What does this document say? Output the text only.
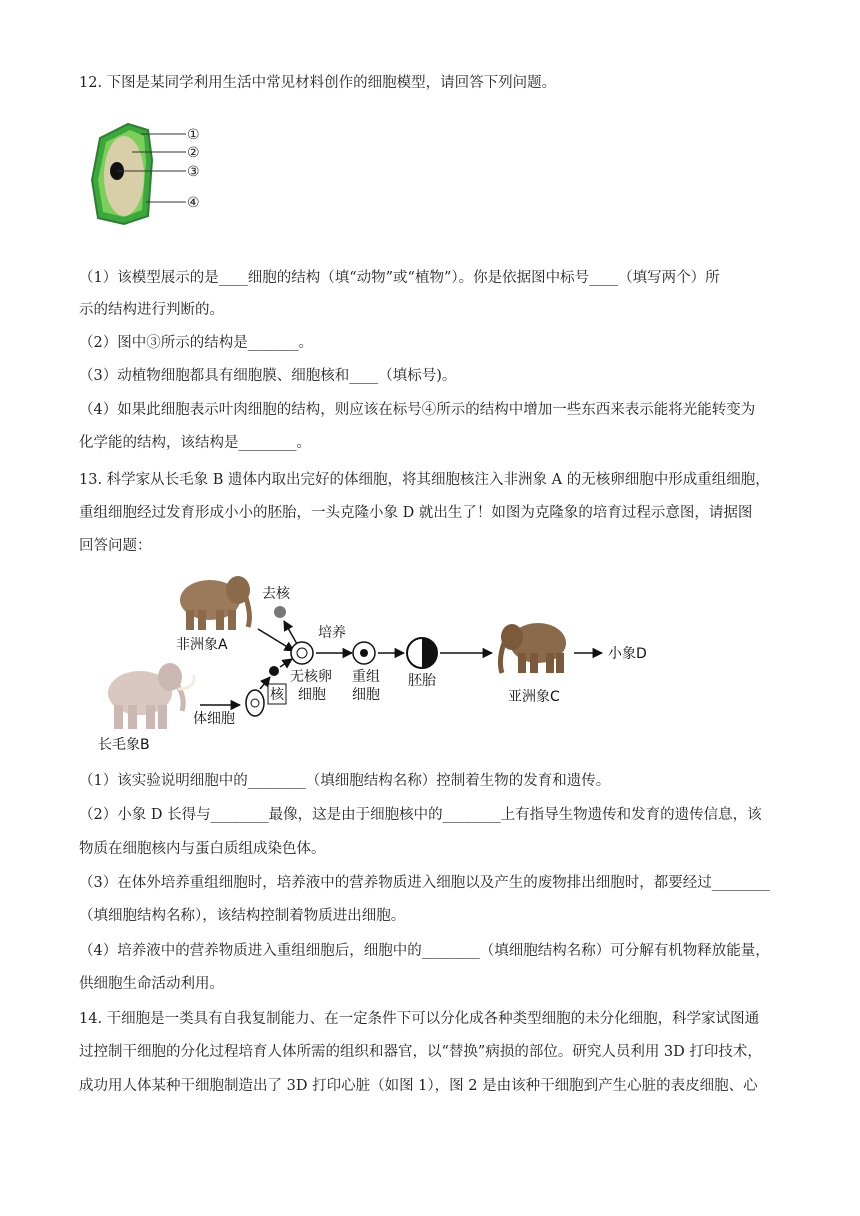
12. 下图是某同学利用生活中常见材料创作的细胞模型，请回答下列问题。
①
②
③
④
（1）该模型展示的是____细胞的结构（填“动物”或“植物”）。你是依据图中标号____（填写两个）所
示的结构进行判断的。
（2）图中③所示的结构是_______。
（3）动植物细胞都具有细胞膜、细胞核和____（填标号)。
（4）如果此细胞表示叶肉细胞的结构，则应该在标号④所示的结构中增加一些东西来表示能将光能转变为
化学能的结构，该结构是________。
13. 科学家从长毛象 B 遗体内取出完好的体细胞，将其细胞核注入非洲象 A 的无核卵细胞中形成重组细胞，
重组细胞经过发育形成小小的胚胎，一头克隆小象 D 就出生了！如图为克隆象的培育过程示意图，请据图
回答问题：
非洲象A
去核
无核卵
细胞
培养
重组
细胞
胚胎
亚洲象C
小象D
长毛象B
体细胞
核
（1）该实验说明细胞中的________（填细胞结构名称）控制着生物的发育和遗传。
（2）小象 D 长得与________最像，这是由于细胞核中的________上有指导生物遗传和发育的遗传信息，该
物质在细胞核内与蛋白质组成染色体。
（3）在体外培养重组细胞时，培养液中的营养物质进入细胞以及产生的废物排出细胞时，都要经过________
（填细胞结构名称），该结构控制着物质进出细胞。
（4）培养液中的营养物质进入重组细胞后，细胞中的________（填细胞结构名称）可分解有机物释放能量，
供细胞生命活动利用。
14. 干细胞是一类具有自我复制能力、在一定条件下可以分化成各种类型细胞的未分化细胞，科学家试图通
过控制干细胞的分化过程培育人体所需的组织和器官，以“替换”病损的部位。研究人员利用 3D 打印技术，
成功用人体某种干细胞制造出了 3D 打印心脏（如图 1），图 2 是由该种干细胞到产生心脏的表皮细胞、心
